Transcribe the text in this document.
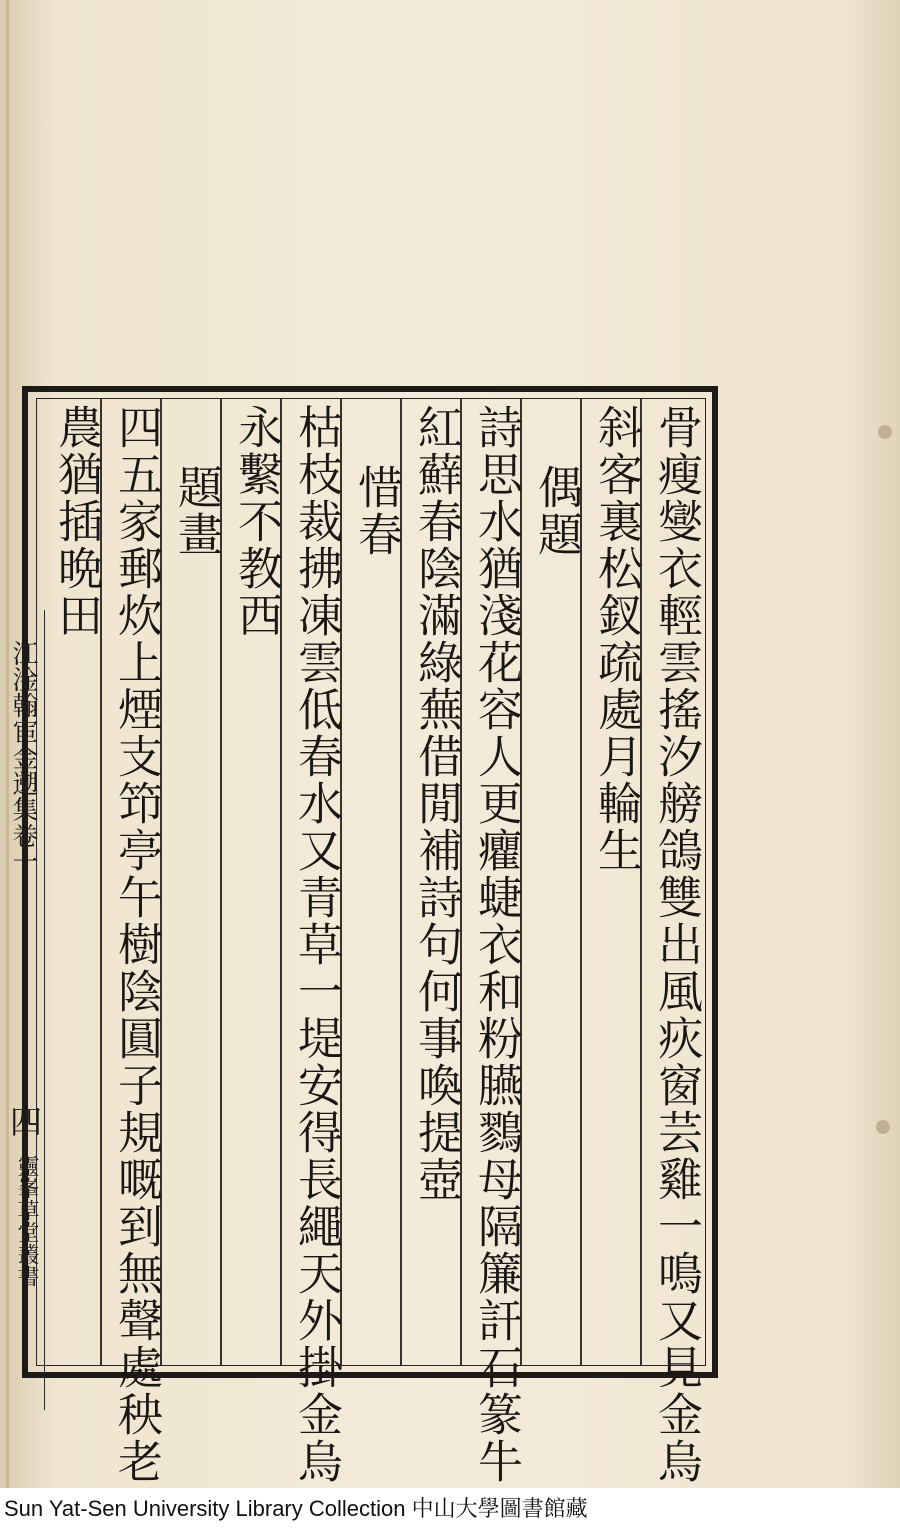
江淦翰宦金遡集卷一
四
靈峯草堂叢書	骨瘦燮衣輕雲搖汐艕鴿雙出風疢窗芸雞一鳴又見金烏
斜客裏松釵疏處月輪生
偶題
詩思水猶淺花容人更癯蜨衣和粉臙鷚母隔簾訐石篆牛
紅蘚春陰滿綠蕪借閒補詩句何事喚提壺
惜春
枯枝裁拂凍雲低春水又青草一堤安得長繩天外掛金烏
永繫不教西
題畫
四五家郵炊上煙支笻亭午樹陰圓子規嘅到無聲處秧老
農猶插晩田
Sun Yat-Sen University Library Collection 中山大學圖書館藏
